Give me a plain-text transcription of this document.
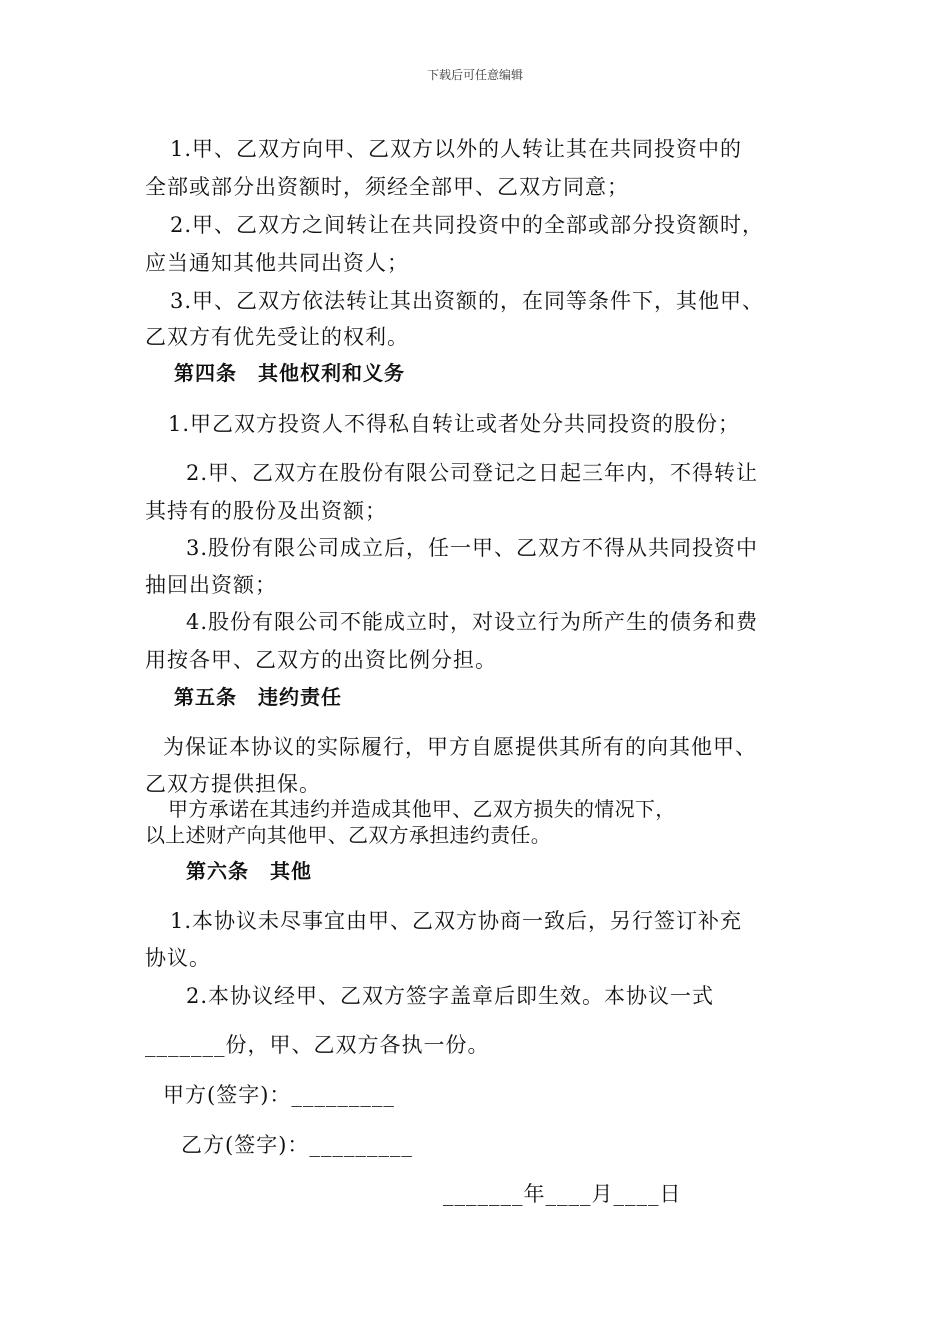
下载后可任意编辑
1.甲、乙双方向甲、乙双方以外的人转让其在共同投资中的
全部或部分出资额时，须经全部甲、乙双方同意；
2.甲、乙双方之间转让在共同投资中的全部或部分投资额时，
应当通知其他共同出资人；
3.甲、乙双方依法转让其出资额的，在同等条件下，其他甲、
乙双方有优先受让的权利。
第四条　其他权利和义务
1.甲乙双方投资人不得私自转让或者处分共同投资的股份；
2.甲、乙双方在股份有限公司登记之日起三年内，不得转让
其持有的股份及出资额；
3.股份有限公司成立后，任一甲、乙双方不得从共同投资中
抽回出资额；
4.股份有限公司不能成立时，对设立行为所产生的债务和费
用按各甲、乙双方的出资比例分担。
第五条　违约责任
为保证本协议的实际履行，甲方自愿提供其所有的向其他甲、
乙双方提供担保。
甲方承诺在其违约并造成其他甲、乙双方损失的情况下，
以上述财产向其他甲、乙双方承担违约责任。
第六条　其他
1.本协议未尽事宜由甲、乙双方协商一致后，另行签订补充
协议。
2.本协议经甲、乙双方签字盖章后即生效。本协议一式
_______份，甲、乙双方各执一份。
甲方(签字)：_________
乙方(签字)：_________
_______年____月____日
